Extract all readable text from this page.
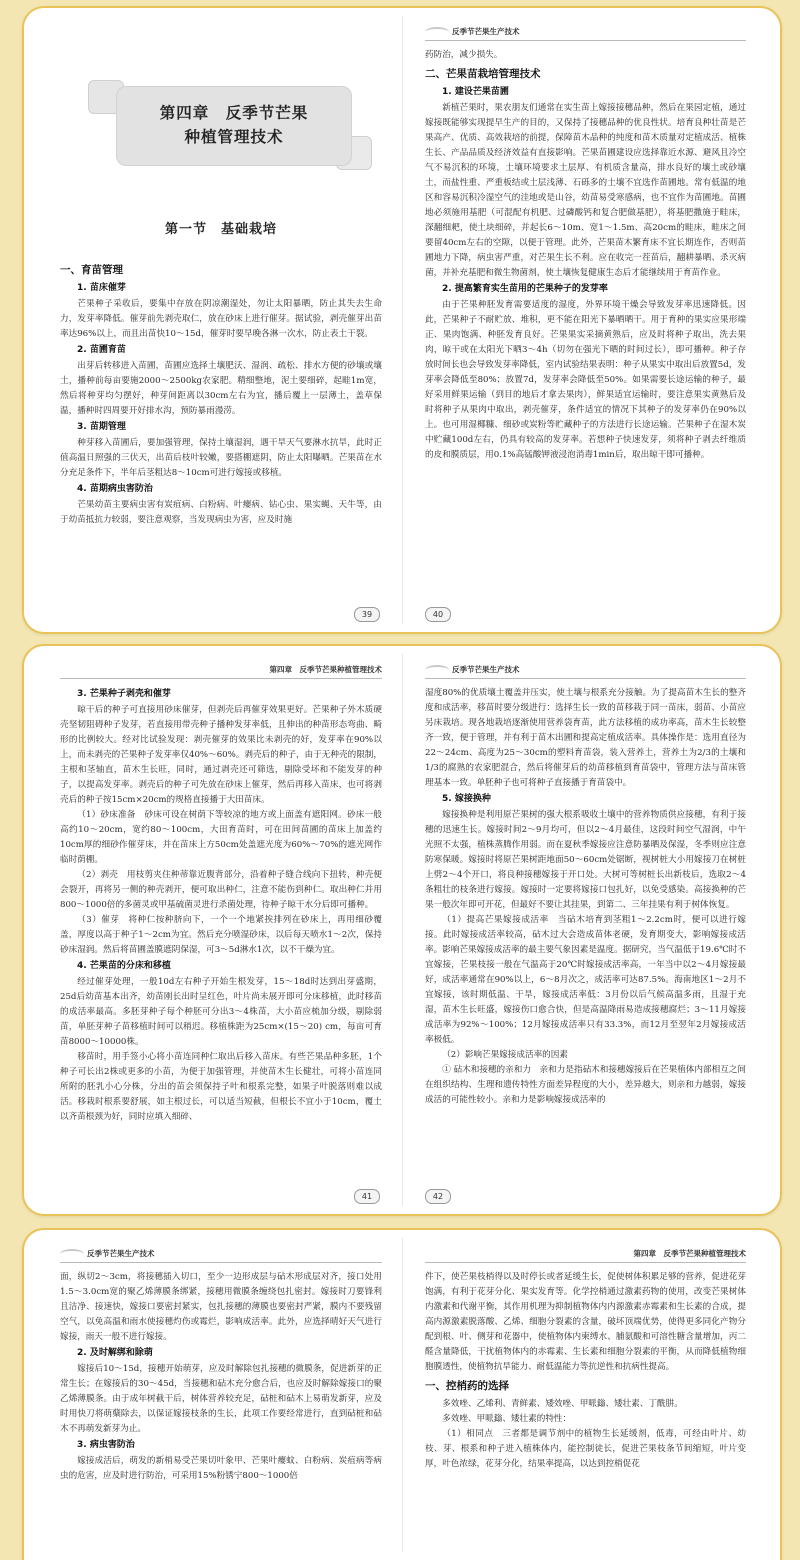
第四章　反季节芒果
种植管理技术
第一节　基础栽培
一、育苗管理
1. 苗床催芽

芒果种子采收后，要集中存放在阴凉潮湿处，勿让太阳暴晒，防止其失去生命力，发芽率降低。催芽前先剥壳取仁，放在砂床上进行催芽。据试验，剥壳催芽出苗率达96%以上，而且出苗快10～15d，催芽时要早晚各淋一次水，防止表土干裂。

2. 苗圃育苗

出芽后转移进入苗圃，苗圃应选择土壤肥沃、湿润、疏松、排水方便的砂壤或壤土，播种前每亩要施2000～2500kg农家肥。精细整地，泥土要细碎，起畦1m宽，然后将种芽均匀摆好，种芽间距离以30cm左右为宜，播后覆上一层薄土，盖草保温，播种时四周要开好排水沟，预防暴雨漫涝。

3. 苗期管理

种芽移入苗圃后，要加强管理，保持土壤湿润，遇干旱天气要淋水抗旱，此时正值高温日照强的三伏天，出苗后枝叶较嫩，要搭棚遮阴，防止太阳曝晒。芒果苗在水分充足条件下，半年后茎粗达8～10cm可进行嫁接或移植。

4. 苗期病虫害防治

芒果幼苗主要病虫害有炭疽病、白粉病、叶瘿病、钻心虫、果实蝇、天牛等，由于幼苗抵抗力较弱，要注意观察，当发现病虫为害，应及时施

39
反季节芒果生产技术

药防治，减少损失。

二、芒果苗栽培管理技术
1. 建设芒果苗圃

新植芒果时，果农朋友们通常在实生苗上嫁接接穗品种，然后在果园定植，通过嫁接既能够实现提早生产的目的，又保持了接穗品种的优良性状。培育良种壮苗是芒果高产、优质、高效栽培的前提，保障苗木品种的纯度和苗木质量对定植成活、植株生长、产品品质及经济效益有直接影响。芒果苗圃建设应选择靠近水源、避风且冷空气不易沉积的环境，土壤环境要求土层厚、有机质含量高，排水良好的壤土或砂壤土，而盐性重、严重板结或土层浅薄、石砾多的土壤不宜选作苗圃地。常有低温的地区和容易沉积冷湿空气的洼地或是山谷，幼苗易受寒感病，也不宜作为苗圃地。苗圃地必须施用基肥（可混配有机肥、过磷酸钙和复合肥做基肥），将基肥撒施于畦床，深翻细耙，使土块细碎，并起长6～10m、宽1～1.5m、高20cm的畦床，畦床之间要留40cm左右的空隙，以便于管理。此外，芒果苗木繁育床不宜长期连作，否则苗圃地力下降，病虫害严重，对芒果生长不利。应在收完一茬苗后，翻耕暴晒、杀灭病菌，并补充基肥和微生物菌剂，使土壤恢复健康生态后才能继续用于育苗作业。

2. 提高繁育实生苗用的芒果种子的发芽率

由于芒果种胚发育需要适度的湿度，外界环境干燥会导致发芽率迅速降低。因此，芒果种子不耐贮放、堆积，更不能在阳光下暴晒晒干。用于育种的果实应果形端正、果肉饱满、种胚发育良好。芒果果实采摘黄熟后，应及时将种子取出，洗去果肉，晾干或在太阳光下晒3～4h（切勿在强光下晒的时间过长），即可播种。种子存放时间长也会导致发芽率降低，室内试验结果表明：种子从果实中取出后放置5d，发芽率会降低至80%；放置7d，发芽率会降低至50%。如果需要长途运输的种子，最好采用鲜果运输（到目的地后才拿去果肉），鲜果适宜运输时，要注意果实黄熟后及时将种子从果肉中取出，剥壳催芽，条件适宜的情况下其种子的发芽率仍在90%以上。也可用湿椰糠、细砂或炭粉等贮藏种子的方法进行长途运输。芒果种子在湿木炭中贮藏100d左右，仍具有较高的发芽率。若想种子快速发芽，须将种子剥去纤维质的皮和膜质层，用0.1%高锰酸钾液浸泡消毒1min后，取出晾干即可播种。

40
第四章　反季节芒果种植管理技术
3. 芒果种子剥壳和催芽

晾干后的种子可直接用砂床催芽，但剥壳后再催芽效果更好。芒果种子外木质硬壳坚韧阻碍种子发芽，若直接用带壳种子播种发芽率低，且伸出的种苗形态弯曲、畸形的比例较大。经对比试验发现：剥壳催芽的效果比未剥壳的好，发芽率在90%以上，而未剥壳的芒果种子发芽率仅40%～60%。剥壳后的种子，由于无种壳的限制，主根和茎轴直，苗木生长旺，同时，通过剥壳还可筛选，剔除受坏和不能发芽的种子，以提高发芽率。剥壳后的种子可先放在砂床上催芽，然后再移入苗床，也可将剥壳后的种子按15cm×20cm的规格直接播于大田苗床。

（1）砂床准备　砂床可设在树荫下等较凉的地方或上面盖有遮阳网。砂床一般高约10～20cm，宽约80～100cm，大田育苗时，可在田间苗圃的苗床上加盖约10cm厚的细砂作催芽床，并在苗床上方50cm处盖遮光度为60%～70%的遮光网作临时荫棚。

（2）剥壳　用枝剪夹住种蒂靠近腹背部分，沿着种子缝合线向下扭转，种壳便会裂开，再将另一侧的种壳剥开，便可取出种仁，注意不能伤到种仁。取出种仁并用800～1000倍的多菌灵或甲基硫菌灵进行杀菌处理，待种子晾干水分后即可播种。

（3）催芽　将种仁按种脐向下，一个一个地紧挨排列在砂床上，再用细砂覆盖，厚度以高于种子1～2cm为宜。然后充分喷湿砂床，以后每天喷水1～2次，保持砂床湿润。然后将苗圃盖膜遮阴保湿，可3～5d淋水1次，以不干燥为宜。

4. 芒果苗的分床和移植

经过催芽处理，一般10d左右种子开始生根发芽，15～18d时达到出芽盛期，25d后幼苗基本出齐，幼苗刚长出时呈红色，叶片尚未展开即可分床移植，此时移苗的成活率最高。多胚芽种子每个种胚可分出3～4株苗，大小苗应梳加分级，剔除弱苗，单胚芽种子苗移植时间可以稍迟。移植株距为25cm×(15～20) cm，每亩可育苗8000～10000株。

移苗时，用手签小心将小苗连同种仁取出后移入苗床。有些芒果品种多胚，1个种子可长出2株或更多的小苗，为便于加强管理，并使苗木生长健壮，可将小苗连同所附的胚乳小心分株，分出的苗会须保持子叶和根系完整，如果子叶脱落则难以成活。移栽时根系要舒展，如主根过长，可以适当短截，但根长不宜小于10cm，覆土以齐苗根颈为好，同时应填入细碎、

41
反季节芒果生产技术

湿度80%的优质壤土覆盖并压实，使土壤与根系充分接触。为了提高苗木生长的整齐度和成活率，移苗时要分级进行：选择生长一致的苗移栽于同一苗床，弱苗、小苗应另床栽培。现各地栽培逐渐使用营养袋育苗，此方法移植的成功率高，苗木生长较整齐一致，便于管理，并有利于苗木出圃和提高定植成活率。具体操作是：选用直径为22～24cm、高度为25～30cm的塑料育苗袋，装入营养土，营养土为2/3的土壤和1/3的腐熟的农家肥混合，然后将催芽后的幼苗移植到育苗袋中，管理方法与苗床管理基本一致。单胚种子也可将种子直接播于育苗袋中。

5. 嫁接换种

嫁接换种是利用原芒果树的强大根系吸收土壤中的营养物质供应接穗，有利于接穗的迅速生长。嫁接时间2～9月均可，但以2～4月最佳，这段时间空气湿润，中午光照不太强，植株蒸腾作用弱。而在夏秋季嫁接应注意防暴晒及保湿，冬季则应注意防寒保暖。嫁接时将原芒果树距地面50～60cm处锯断，视树桩大小用嫁接刀在树桩上劈2～4个开口，将良种接穗嫁接于开口处。大树可等树桩长出新枝后，选取2～4条粗壮的枝条进行嫁接。嫁接时一定要将嫁接口包扎好，以免受感染。高接换种的芒果一般次年即可开花，但最好不要让其挂果，到第二、三年挂果有利于树体恢复。

（1）提高芒果嫁接成活率　当砧木培育到茎粗1～2.2cm时，便可以进行嫁接。此时嫁接成活率较高，砧木过大会造成苗体老硬，发育期变大，影响嫁接成活率。影响芒果嫁接成活率的最主要气象因素是温度。据研究，当气温低于19.6℃时不宜嫁接，芒果枝接一般在气温高于20℃时嫁接成活率高，一年当中以2～4月嫁接最好，成活率通常在90%以上，6～8月次之，成活率可达87.5%。海南地区1～2月不宜嫁接，该时期低温、干旱，嫁接成活率低：3月份以后气候高温多雨，且湿于充湿，苗木生长旺盛，嫁接伤口愈合快，但是高温降雨易造成接穗腐烂；3～11月嫁接成活率为92%～100%；12月嫁接成活率只有33.3%，而12月至翌年2月嫁接成活率极低。

（2）影响芒果嫁接成活率的因素

① 砧木和接穗的亲和力　亲和力是指砧木和接穗嫁接后在芒果植体内部相互之间在组织结构、生理和遗传特性方面差异程度的大小，差异越大，则亲和力越弱，嫁接成活的可能性较小。亲和力是影响嫁接成活率的

42
反季节芒果生产技术

面，纵切2～3cm，将接穗插入切口，至少一边形成层与砧木形成层对齐，接口处用1.5～3.0cm宽的聚乙烯薄膜条绑紧，接穗用微膜条缠绕包扎密封。嫁接时刀要锋利且洁净、接速快，嫁接口要密封紧实，包扎接穗的薄膜也要密封严紧，膜内不要残留空气，以免高温和雨水使接穗灼伤或霉烂，影响成活率。此外，应选择晴好天气进行嫁接，雨天一般不进行嫁接。

2. 及时解绑和除萌

嫁接后10～15d，接穗开始萌芽，应及时解除包扎接穗的微膜条，促进新芽的正常生长；在嫁接后的30～45d，当接穗和砧木充分愈合后，也应及时解除嫁接口的聚乙烯薄膜条。由于成年树截干后，树体营养较充足，砧桩和砧木上易萌发新芽，应及时用快刀将萌蘖除去，以保证嫁接枝条的生长，此项工作要经常进行，直到砧桩和砧木不再萌发新芽为止。

3. 病虫害防治

嫁接成活后，萌发的新梢易受芒果切叶象甲、芒果叶瘿蚊、白粉病、炭疽病等病虫的危害，应及时进行防治，可采用15%粉锈宁800～1000倍

第四章　反季节芒果种植管理技术

件下，使芒果枝梢得以及时停长或者延缓生长，促使树体积累足够的营养，促进花芽饱满，有利于花芽分化、果实发育等。化学控梢通过激素药物的使用，改变芒果树体内激素和代谢平衡，其作用机理为抑制植物体内内源激素赤霉素和生长素的合成，提高内源激素脱落酸、乙烯、细胞分裂素的含量，破坏顶端优势，使得更多同化产物分配到根、叶、侧芽和花器中，使植物体内柬缚水、脯氨酸和可溶性糖含量增加，丙二醛含量降低，干扰植物体内的赤霉素、生长素和细胞分裂素的平衡，从而降低植物细胞膜透性，使植物抗旱能力、耐低温能力等抗逆性和抗病性提高。

一、控梢药的选择

多效唑、乙烯利、青鲜素、矮效唑、甲哌鎓、矮壮素、丁酰肼。

多效唑、甲哌鎓、矮壮素的特性：

（1）相同点　三者都是调节剂中的植物生长延缓剂，低毒，可经由叶片、幼枝、芽、根系和种子进入植株体内，能控制徒长，促进芒果枝条节间缩短，叶片变厚，叶色浓绿，花芽分化，结果率提高，以达到控梢促花
